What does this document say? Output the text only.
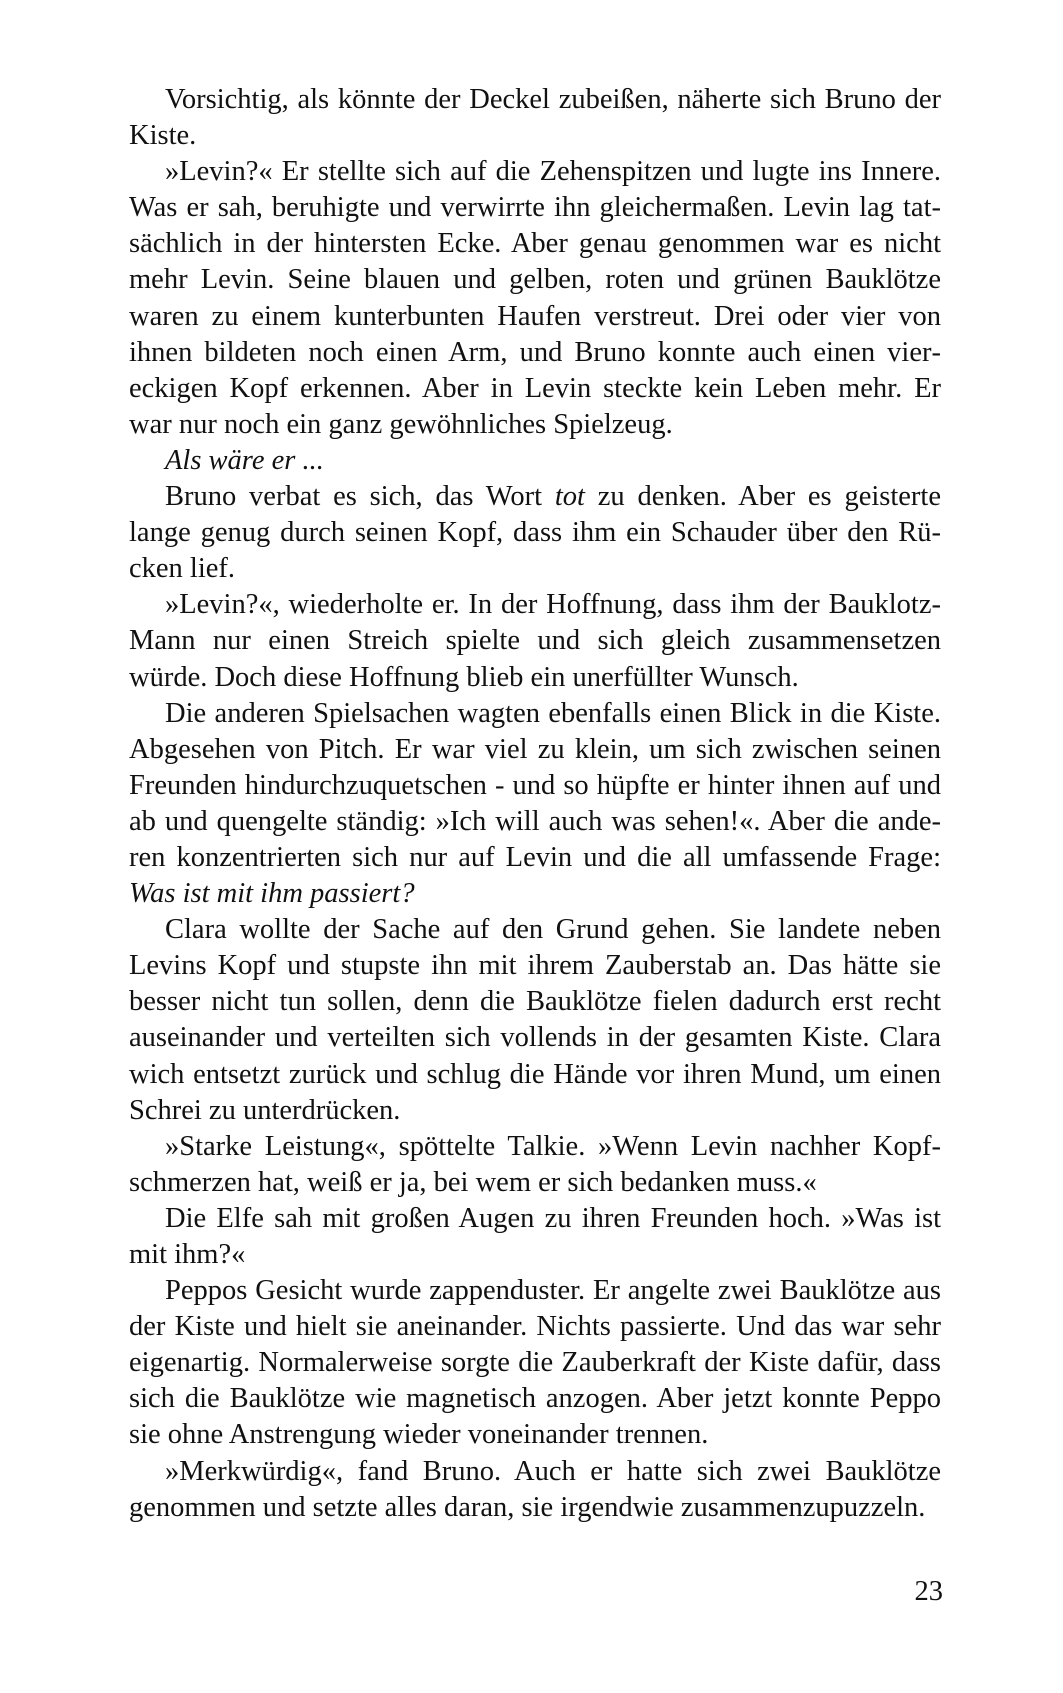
Vorsichtig, als könnte der Deckel zubeißen, näherte sich Bruno der Kiste.

»Levin?« Er stellte sich auf die Zehenspitzen und lugte ins Innere. Was er sah, beruhigte und verwirrte ihn gleichermaßen. Levin lag tatsächlich in der hintersten Ecke. Aber genau genommen war es nicht mehr Levin. Seine blauen und gelben, roten und grünen Bauklötze waren zu einem kunterbunten Haufen verstreut. Drei oder vier von ihnen bildeten noch einen Arm, und Bruno konnte auch einen viereckigen Kopf erkennen. Aber in Levin steckte kein Leben mehr. Er war nur noch ein ganz gewöhnliches Spielzeug.

Als wäre er ...

Bruno verbat es sich, das Wort tot zu denken. Aber es geisterte lange genug durch seinen Kopf, dass ihm ein Schauder über den Rücken lief.

»Levin?«, wiederholte er. In der Hoffnung, dass ihm der Bauklotz-Mann nur einen Streich spielte und sich gleich zusammensetzen würde. Doch diese Hoffnung blieb ein unerfüllter Wunsch.

Die anderen Spielsachen wagten ebenfalls einen Blick in die Kiste. Abgesehen von Pitch. Er war viel zu klein, um sich zwischen seinen Freunden hindurchzuquetschen - und so hüpfte er hinter ihnen auf und ab und quengelte ständig: »Ich will auch was sehen!«. Aber die anderen konzentrierten sich nur auf Levin und die all umfassende Frage: Was ist mit ihm passiert?

Clara wollte der Sache auf den Grund gehen. Sie landete neben Levins Kopf und stupste ihn mit ihrem Zauberstab an. Das hätte sie besser nicht tun sollen, denn die Bauklötze fielen dadurch erst recht auseinander und verteilten sich vollends in der gesamten Kiste. Clara wich entsetzt zurück und schlug die Hände vor ihren Mund, um einen Schrei zu unterdrücken.

»Starke Leistung«, spöttelte Talkie. »Wenn Levin nachher Kopfschmerzen hat, weiß er ja, bei wem er sich bedanken muss.«

Die Elfe sah mit großen Augen zu ihren Freunden hoch. »Was ist mit ihm?«

Peppos Gesicht wurde zappenduster. Er angelte zwei Bauklötze aus der Kiste und hielt sie aneinander. Nichts passierte. Und das war sehr eigenartig. Normalerweise sorgte die Zauberkraft der Kiste dafür, dass sich die Bauklötze wie magnetisch anzogen. Aber jetzt konnte Peppo sie ohne Anstrengung wieder voneinander trennen.

»Merkwürdig«, fand Bruno. Auch er hatte sich zwei Bauklötze genommen und setzte alles daran, sie irgendwie zusammenzupuzzeln.

23
